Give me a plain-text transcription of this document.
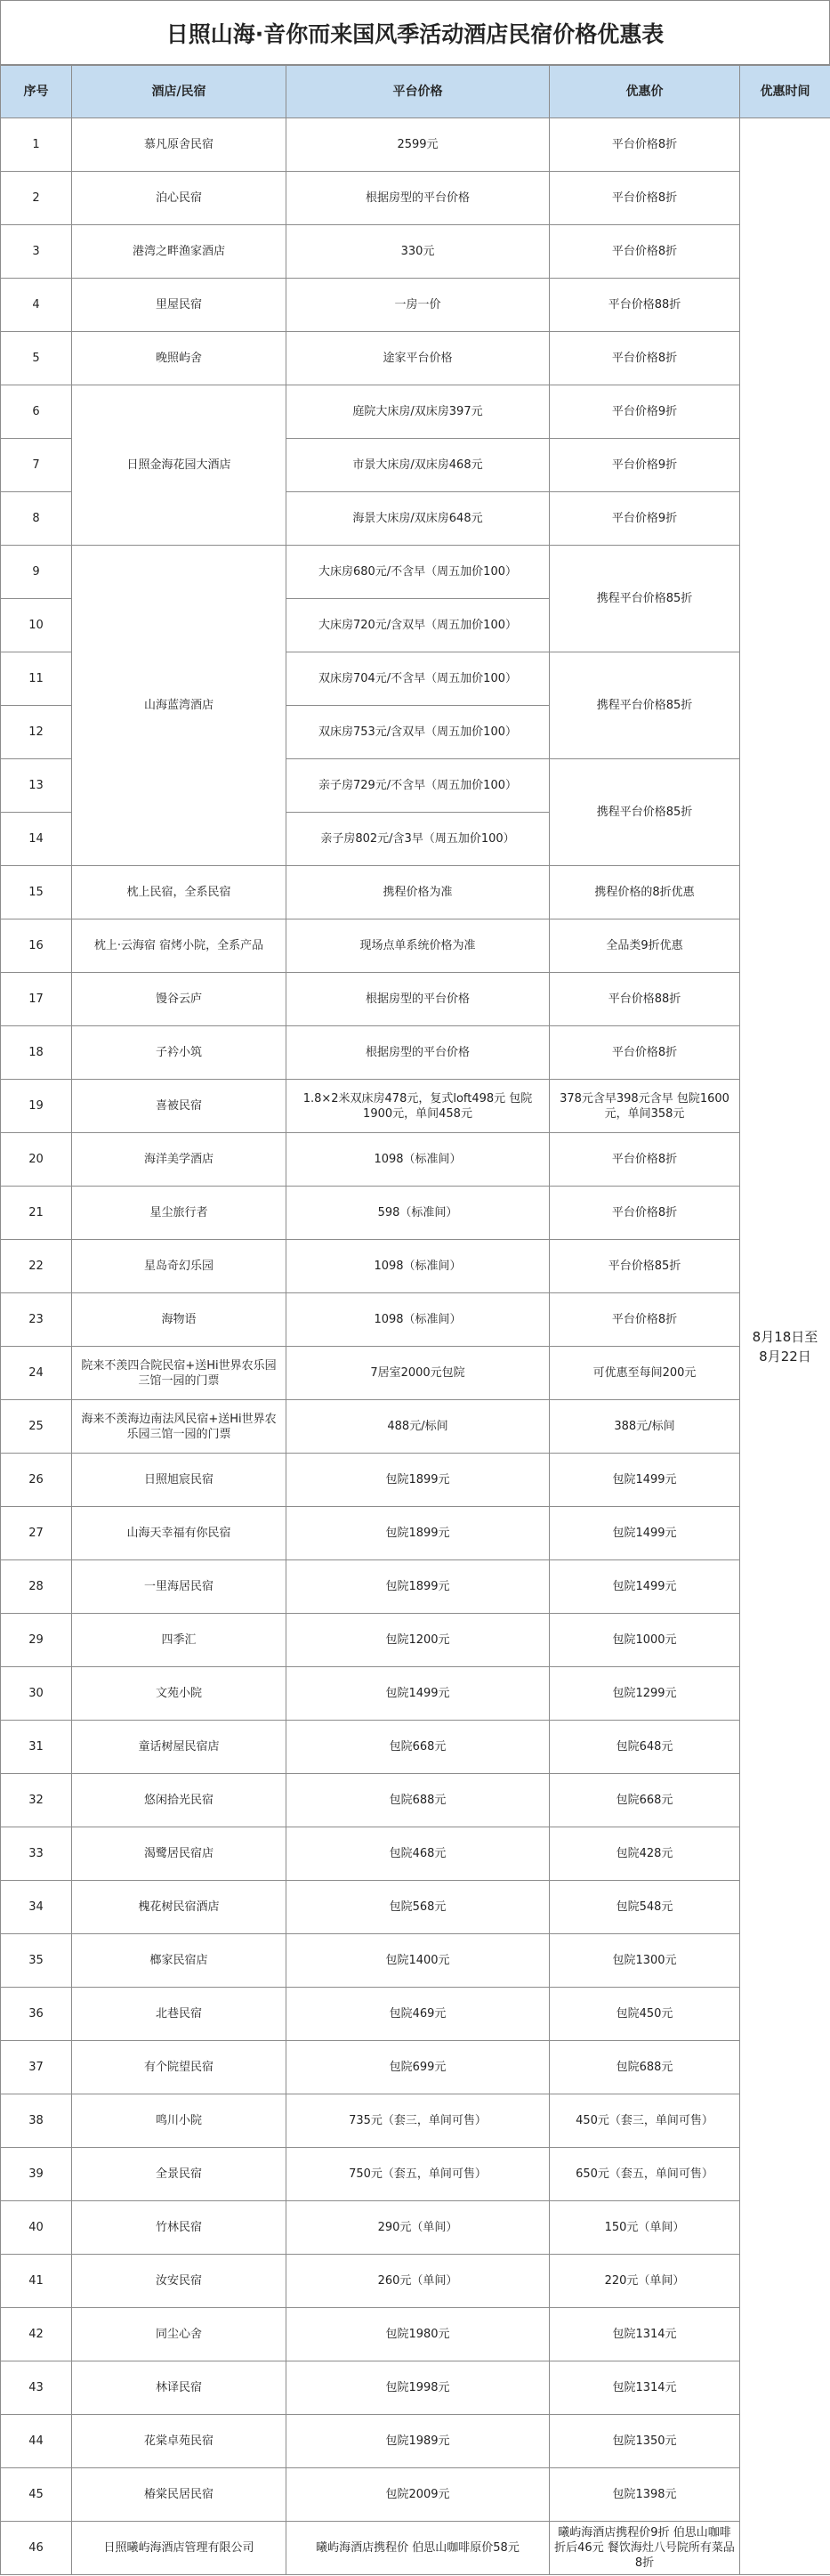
日照山海·音你而来国风季活动酒店民宿价格优惠表
序号	酒店/民宿	平台价格	优惠价	优惠时间
1	慕凡原舍民宿	2599元	平台价格8折	8月18日至8月22日
2	泊心民宿	根据房型的平台价格	平台价格8折	
3	港湾之畔渔家酒店	330元	平台价格8折	
4	里屋民宿	一房一价	平台价格88折	
5	晚照屿舍	途家平台价格	平台价格8折	
6	日照金海花园大酒店	庭院大床房/双床房397元	平台价格9折	
7		市景大床房/双床房468元	平台价格9折	
8		海景大床房/双床房648元	平台价格9折	
9	山海蓝湾酒店	大床房680元/不含早（周五加价100）	携程平台价格85折	
10		大床房720元/含双早（周五加价100）		
11		双床房704元/不含早（周五加价100）	携程平台价格85折	
12		双床房753元/含双早（周五加价100）		
13		亲子房729元/不含早（周五加价100）	携程平台价格85折	
14		亲子房802元/含3早（周五加价100）		
15	枕上民宿，全系民宿	携程价格为准	携程价格的8折优惠	
16	枕上·云海宿 宿烤小院，全系产品	现场点单系统价格为准	全品类9折优惠	
17	馒谷云庐	根据房型的平台价格	平台价格88折	
18	子衿小筑	根据房型的平台价格	平台价格8折	
19	喜被民宿	1.8×2米双床房478元，复式loft498元 包院1900元，单间458元	378元含早398元含早 包院1600元，单间358元	
20	海洋美学酒店	1098（标准间）	平台价格8折	
21	星尘旅行者	598（标准间）	平台价格8折	
22	星岛奇幻乐园	1098（标准间）	平台价格85折	
23	海物语	1098（标准间）	平台价格8折	
24	院来不羡四合院民宿+送Hi世界农乐园三馆一园的门票	7居室2000元包院	可优惠至每间200元	
25	海来不羡海边南法风民宿+送Hi世界农乐园三馆一园的门票	488元/标间	388元/标间	
26	日照旭宸民宿	包院1899元	包院1499元	
27	山海天幸福有你民宿	包院1899元	包院1499元	
28	一里海居民宿	包院1899元	包院1499元	
29	四季汇	包院1200元	包院1000元	
30	文苑小院	包院1499元	包院1299元	
31	童话树屋民宿店	包院668元	包院648元	
32	悠闲拾光民宿	包院688元	包院668元	
33	渴鹭居民宿店	包院468元	包院428元	
34	槐花树民宿酒店	包院568元	包院548元	
35	榔家民宿店	包院1400元	包院1300元	
36	北巷民宿	包院469元	包院450元	
37	有个院望民宿	包院699元	包院688元	
38	鸣川小院	735元（套三，单间可售）	450元（套三，单间可售）	
39	全景民宿	750元（套五，单间可售）	650元（套五，单间可售）	
40	竹林民宿	290元（单间）	150元（单间）	
41	汝安民宿	260元（单间）	220元（单间）	
42	同尘心舍	包院1980元	包院1314元	
43	林译民宿	包院1998元	包院1314元	
44	花棠卓苑民宿	包院1989元	包院1350元	
45	椿棠民居民宿	包院2009元	包院1398元	
46	日照曦屿海酒店管理有限公司	曦屿海酒店携程价 伯思山咖啡原价58元	曦屿海酒店携程价9折 伯思山咖啡折后46元 餐饮海灶八号院所有菜品8折	
